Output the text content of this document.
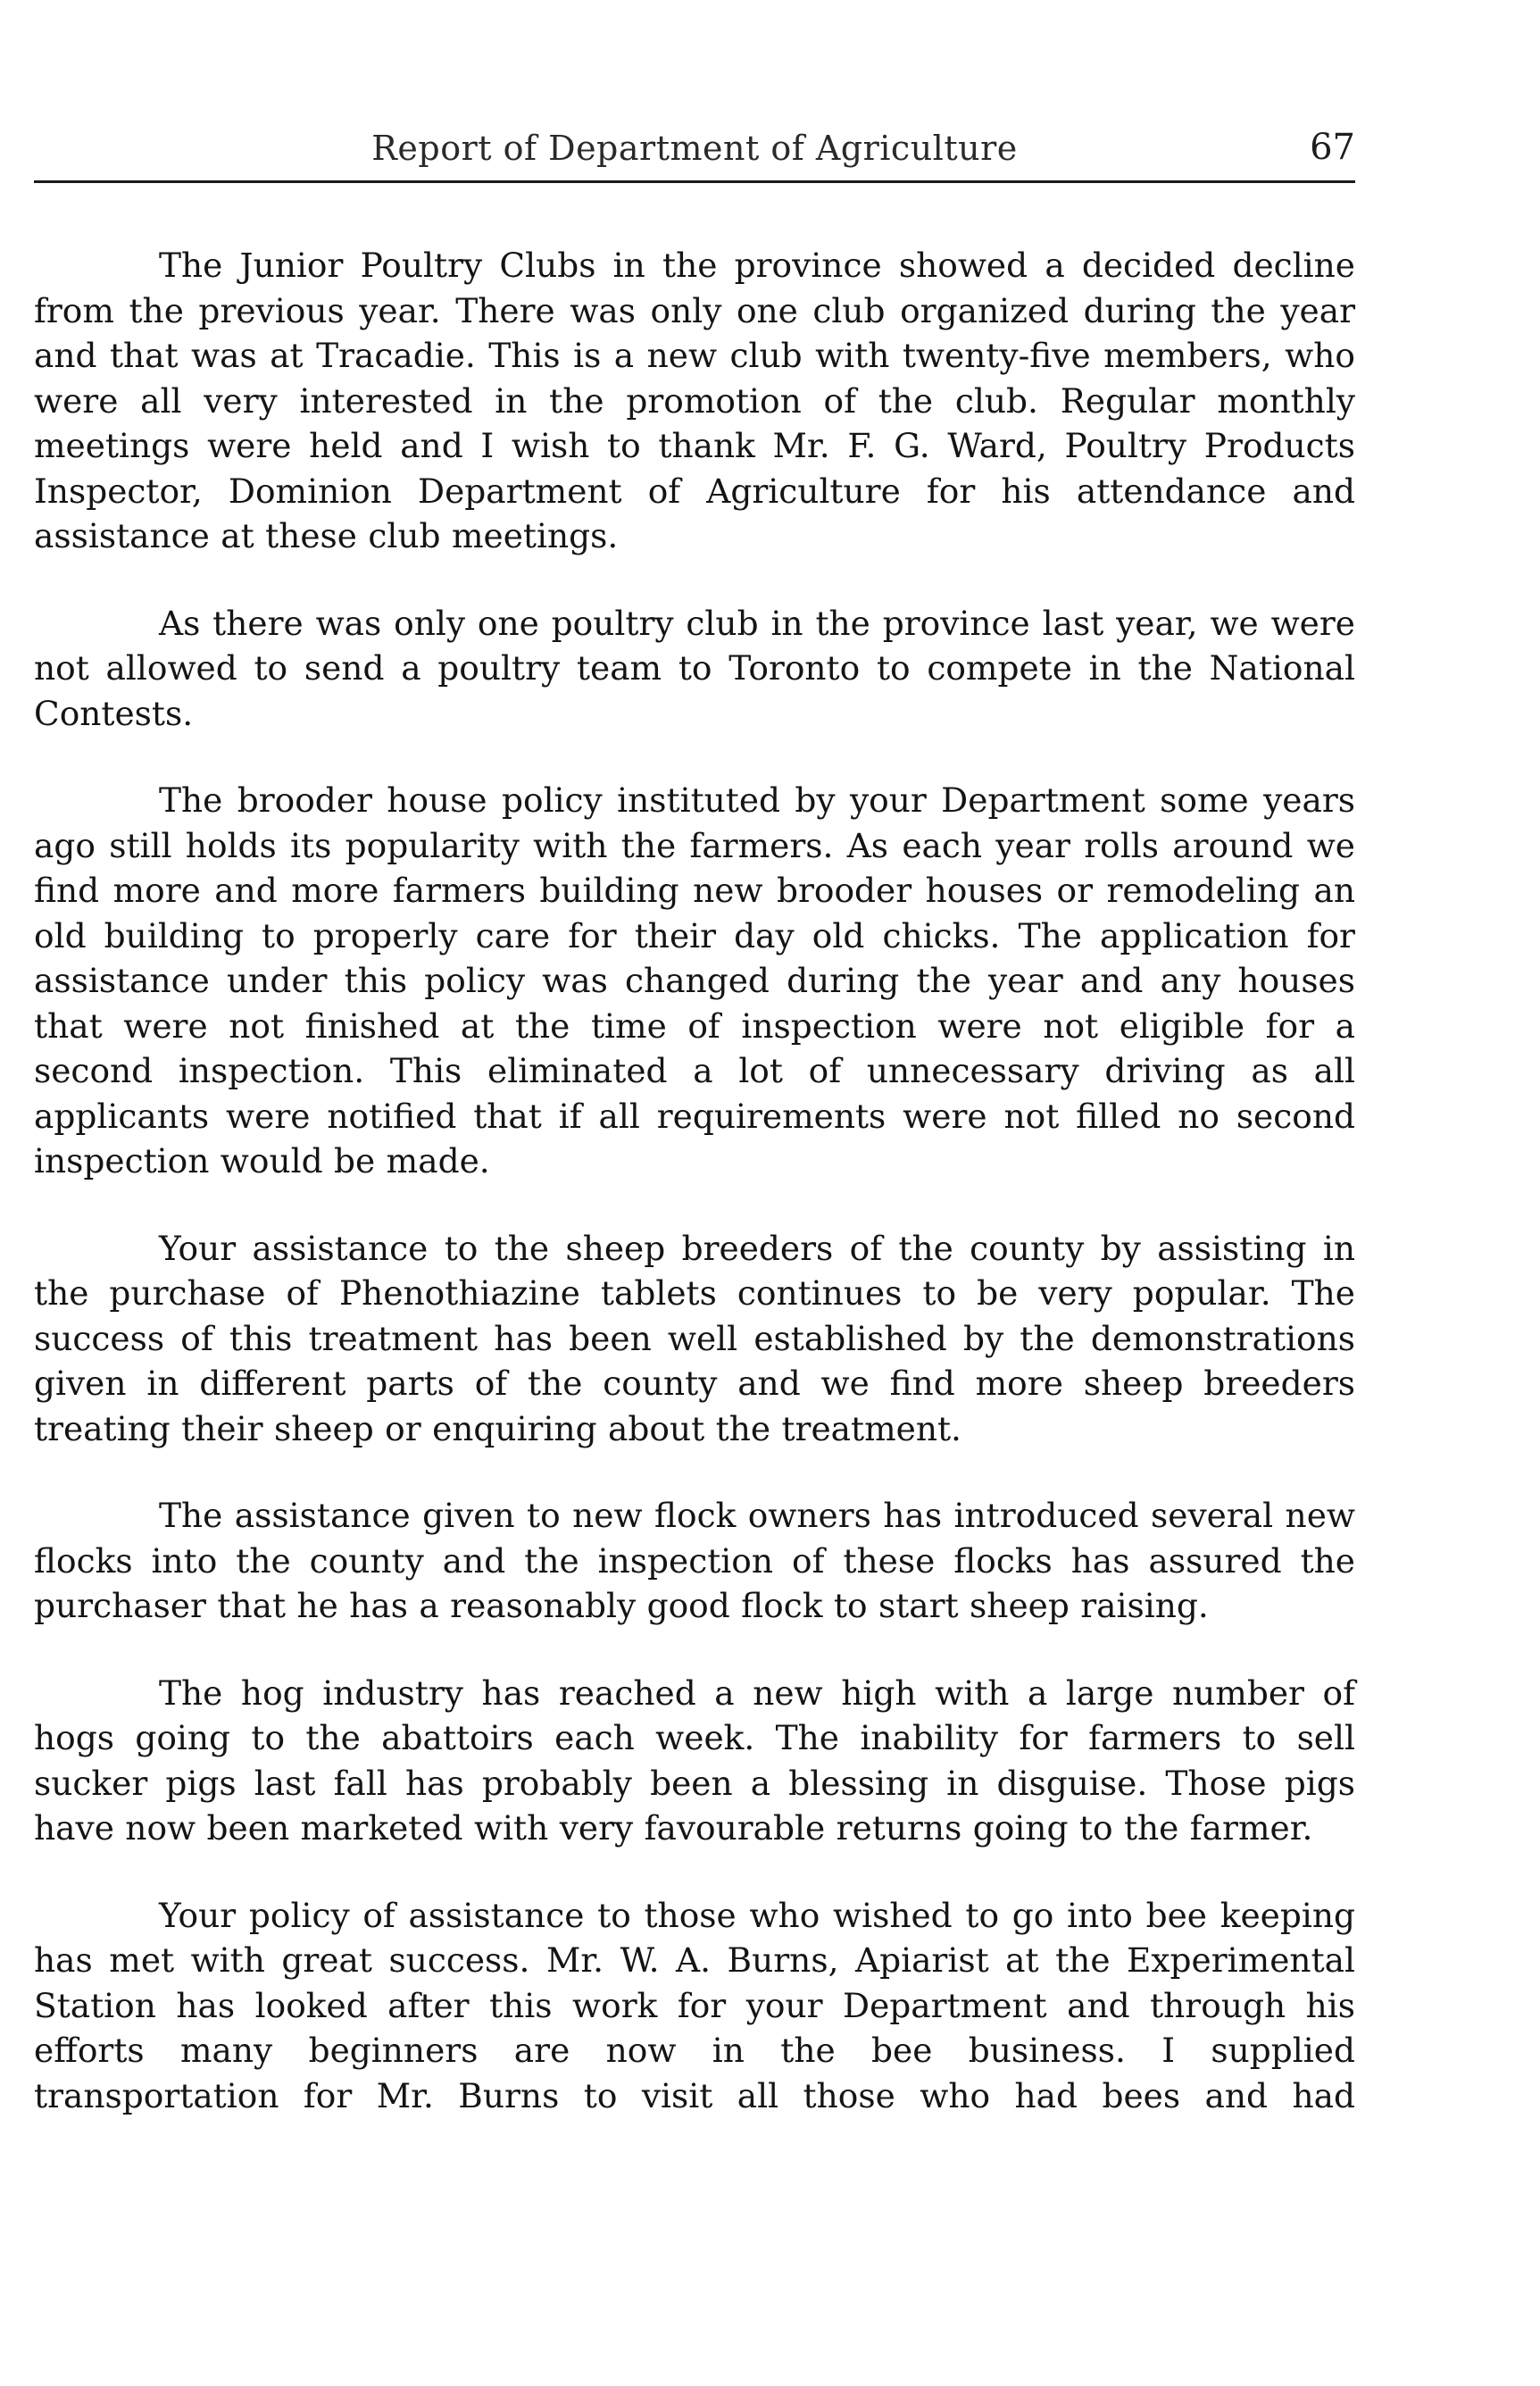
Report of Department of Agriculture	67

The Junior Poultry Clubs in the province showed a decided decline from the previous year. There was only one club organized during the year and that was at Tracadie. This is a new club with twenty-five members, who were all very interested in the promotion of the club. Regular monthly meetings were held and I wish to thank Mr. F. G. Ward, Poultry Products Inspector, Dominion Department of Agriculture for his attendance and assistance at these club meetings.

As there was only one poultry club in the province last year, we were not allowed to send a poultry team to Toronto to compete in the National Contests.

The brooder house policy instituted by your Department some years ago still holds its popularity with the farmers. As each year rolls around we find more and more farmers building new brooder houses or remodeling an old building to properly care for their day old chicks. The application for assistance under this policy was changed during the year and any houses that were not finished at the time of inspection were not eligible for a second inspection. This eliminated a lot of unnecessary driving as all applicants were notified that if all requirements were not filled no second inspection would be made.

Your assistance to the sheep breeders of the county by assisting in the purchase of Phenothiazine tablets continues to be very popular. The success of this treatment has been well established by the demonstrations given in different parts of the county and we find more sheep breeders treating their sheep or enquiring about the treatment.

The assistance given to new flock owners has introduced several new flocks into the county and the inspection of these flocks has assured the purchaser that he has a reasonably good flock to start sheep raising.

The hog industry has reached a new high with a large number of hogs going to the abattoirs each week. The inability for farmers to sell sucker pigs last fall has probably been a blessing in disguise. Those pigs have now been marketed with very favourable returns going to the farmer.

Your policy of assistance to those who wished to go into bee keeping has met with great success. Mr. W. A. Burns, Apiarist at the Experimental Station has looked after this work for your Department and through his efforts many beginners are now in the bee business. I supplied transportation for Mr. Burns to visit all those who had bees and had
